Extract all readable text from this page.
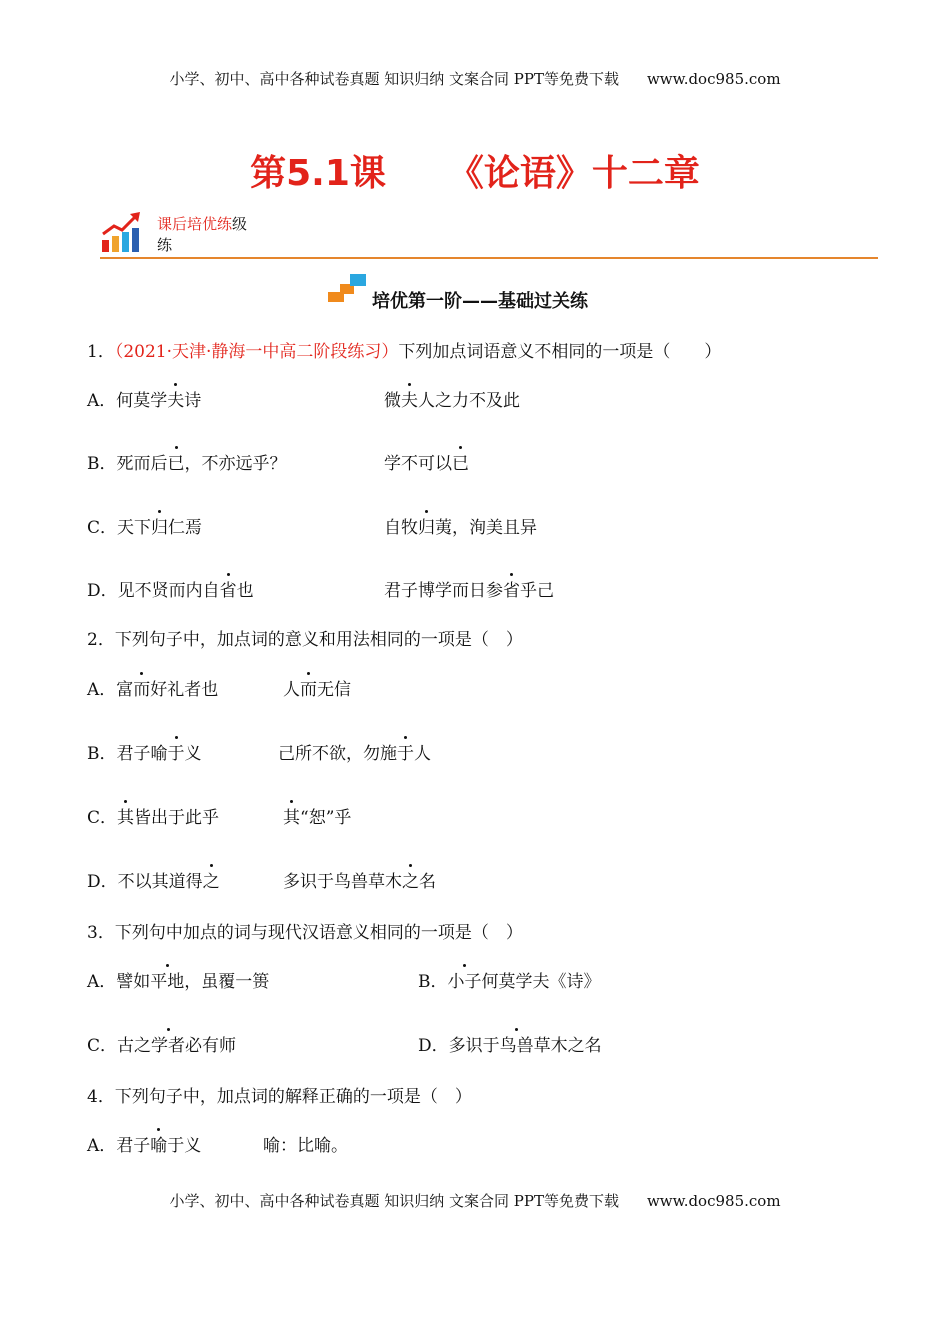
小学、初中、高中各种试卷真题 知识归纳 文案合同 PPT等免费下载 www.doc985.com
第5.1课 《论语》十二章
课后培优练级
练
培优第一阶——基础过关练
1．（2021·天津·静海一中高二阶段练习）下列加点词语意义不相同的一项是（　　）
A．何莫学夫诗	微夫人之力不及此
B．死而后已，不亦远乎？	学不可以已
C．天下归仁焉	自牧归荑，洵美且异
D．见不贤而内自省也	君子博学而日参省乎己
2．下列句子中，加点词的意义和用法相同的一项是（　）
A．富而好礼者也	人而无信
B．君子喻于义	己所不欲，勿施于人
C．其皆出于此乎	其“恕”乎
D．不以其道得之	多识于鸟兽草木之名
3．下列句中加点的词与现代汉语意义相同的一项是（　）
A．譬如平地，虽覆一篑	B．小子何莫学夫《诗》
C．古之学者必有师	D．多识于鸟兽草木之名
4．下列句子中，加点词的解释正确的一项是（　）
A．君子喻于义	喻：比喻。
小学、初中、高中各种试卷真题 知识归纳 文案合同 PPT等免费下载 www.doc985.com
